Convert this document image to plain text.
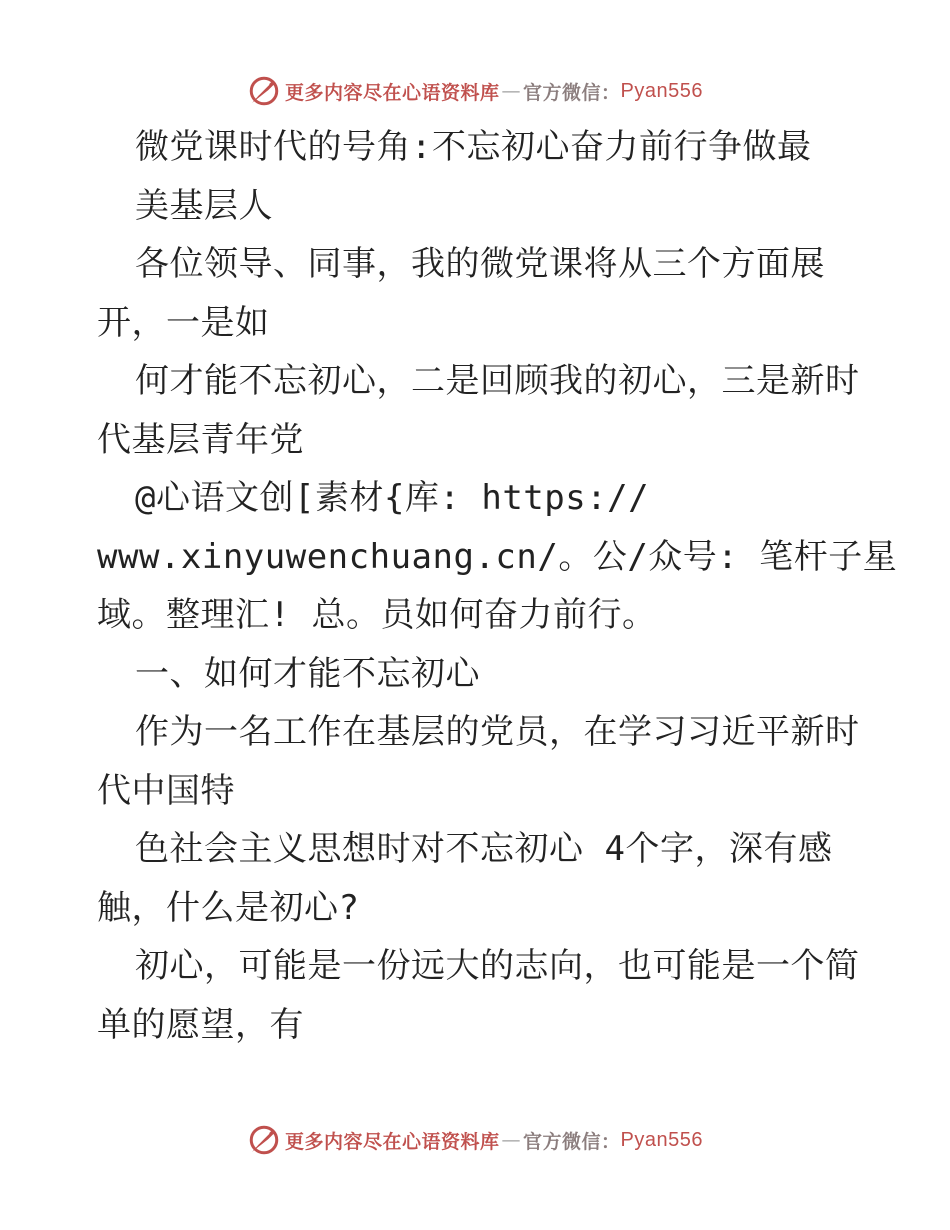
更多内容尽在心语资料库 — 官方微信： Pyan556
微党课时代的号角:不忘初心奋力前行争做最
美基层人
各位领导、同事，我的微党课将从三个方面展
开，一是如
何才能不忘初心，二是回顾我的初心，三是新时
代基层青年党
@心语文创[素材{库: https://
www.xinyuwenchuang.cn/。公/众号: 笔杆子星
域。整理汇! 总。员如何奋力前行。
一、如何才能不忘初心
作为一名工作在基层的党员，在学习习近平新时
代中国特
色社会主义思想时对不忘初心 4个字，深有感
触，什么是初心?
初心，可能是一份远大的志向，也可能是一个简
单的愿望，有
更多内容尽在心语资料库 — 官方微信： Pyan556
